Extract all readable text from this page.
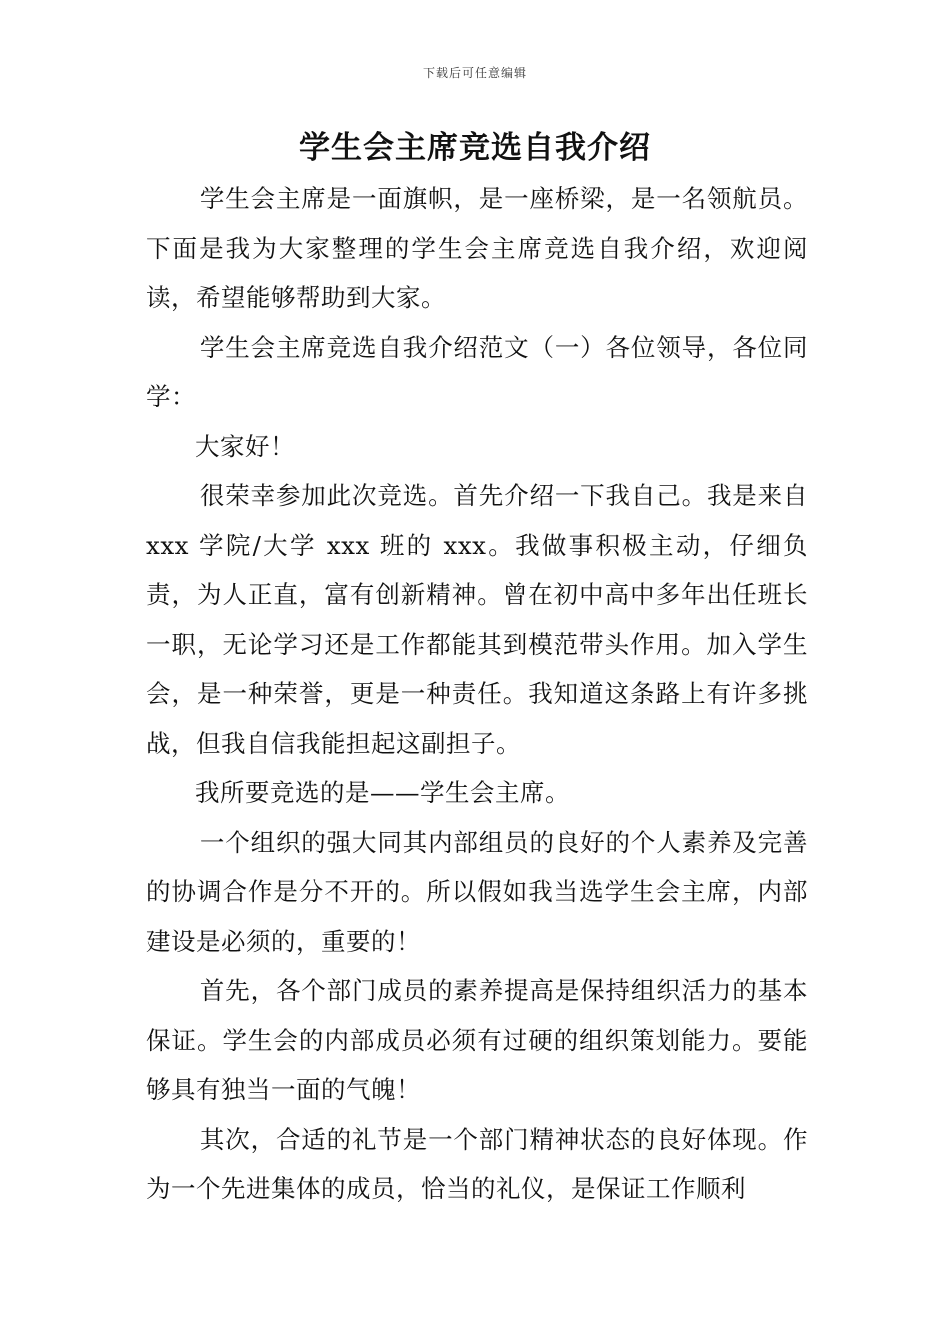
下载后可任意编辑
学生会主席竞选自我介绍

学生会主席是一面旗帜，是一座桥梁，是一名领航员。下面是我为大家整理的学生会主席竞选自我介绍，欢迎阅读，希望能够帮助到大家。

学生会主席竞选自我介绍范文（一）各位领导，各位同学：

大家好！

很荣幸参加此次竞选。首先介绍一下我自己。我是来自 xxx 学院/大学 xxx 班的 xxx。我做事积极主动，仔细负责，为人正直，富有创新精神。曾在初中高中多年出任班长一职，无论学习还是工作都能其到模范带头作用。加入学生会，是一种荣誉，更是一种责任。我知道这条路上有许多挑战，但我自信我能担起这副担子。

我所要竞选的是——学生会主席。

一个组织的强大同其内部组员的良好的个人素养及完善的协调合作是分不开的。所以假如我当选学生会主席，内部建设是必须的，重要的！

首先，各个部门成员的素养提高是保持组织活力的基本保证。学生会的内部成员必须有过硬的组织策划能力。要能够具有独当一面的气魄！

其次，合适的礼节是一个部门精神状态的良好体现。作为一个先进集体的成员，恰当的礼仪，是保证工作顺利
